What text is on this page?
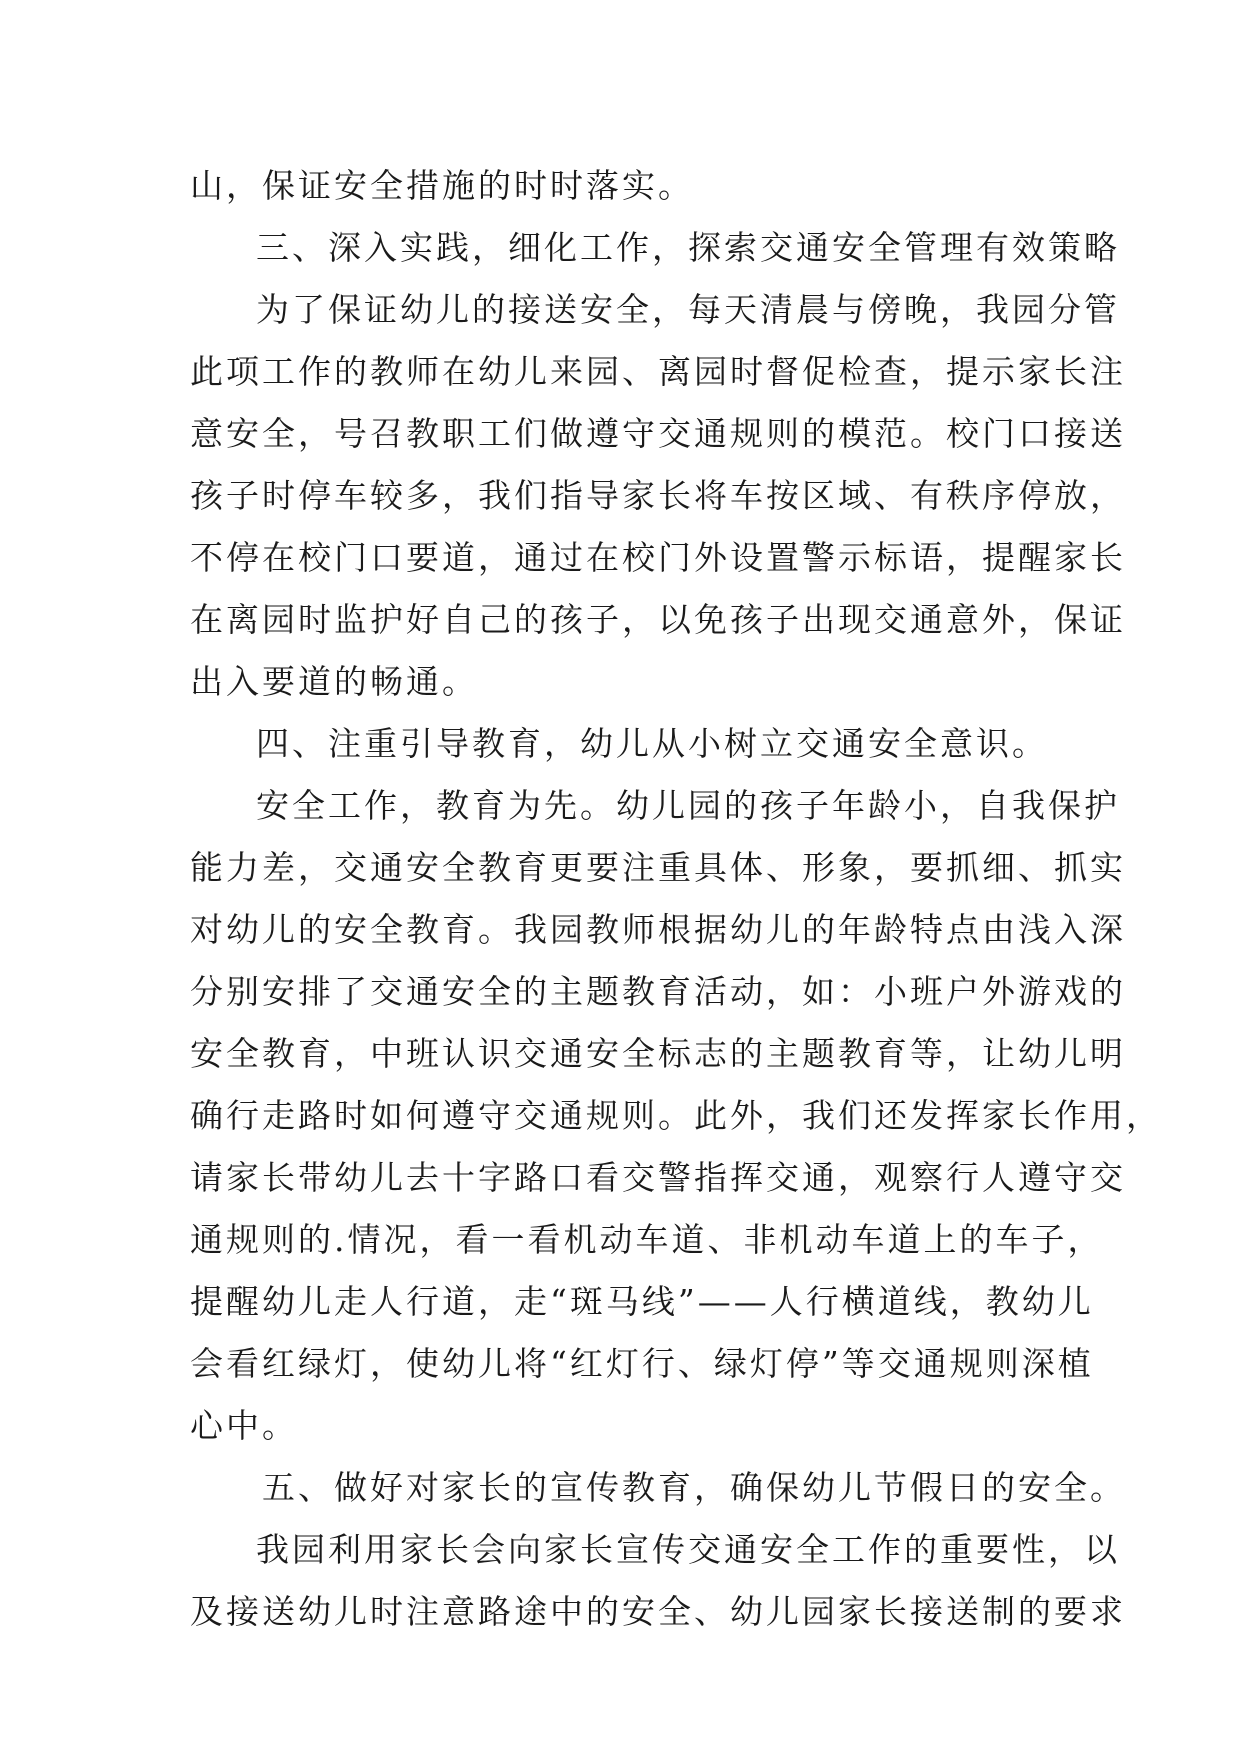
山，保证安全措施的时时落实。

三、深入实践，细化工作，探索交通安全管理有效策略

为了保证幼儿的接送安全，每天清晨与傍晚，我园分管

此项工作的教师在幼儿来园、离园时督促检查，提示家长注

意安全，号召教职工们做遵守交通规则的模范。校门口接送

孩子时停车较多，我们指导家长将车按区域、有秩序停放，

不停在校门口要道，通过在校门外设置警示标语，提醒家长

在离园时监护好自己的孩子，以免孩子出现交通意外，保证

出入要道的畅通。

四、注重引导教育，幼儿从小树立交通安全意识。

安全工作，教育为先。幼儿园的孩子年龄小，自我保护

能力差，交通安全教育更要注重具体、形象，要抓细、抓实

对幼儿的安全教育。我园教师根据幼儿的年龄特点由浅入深

分别安排了交通安全的主题教育活动，如：小班户外游戏的

安全教育，中班认识交通安全标志的主题教育等，让幼儿明

确行走路时如何遵守交通规则。此外，我们还发挥家长作用，

请家长带幼儿去十字路口看交警指挥交通，观察行人遵守交

通规则的.情况，看一看机动车道、非机动车道上的车子，

提醒幼儿走人行道，走“斑马线”——人行横道线，教幼儿

会看红绿灯，使幼儿将“红灯行、绿灯停”等交通规则深植

心中。

五、做好对家长的宣传教育，确保幼儿节假日的安全。

我园利用家长会向家长宣传交通安全工作的重要性，以

及接送幼儿时注意路途中的安全、幼儿园家长接送制的要求
